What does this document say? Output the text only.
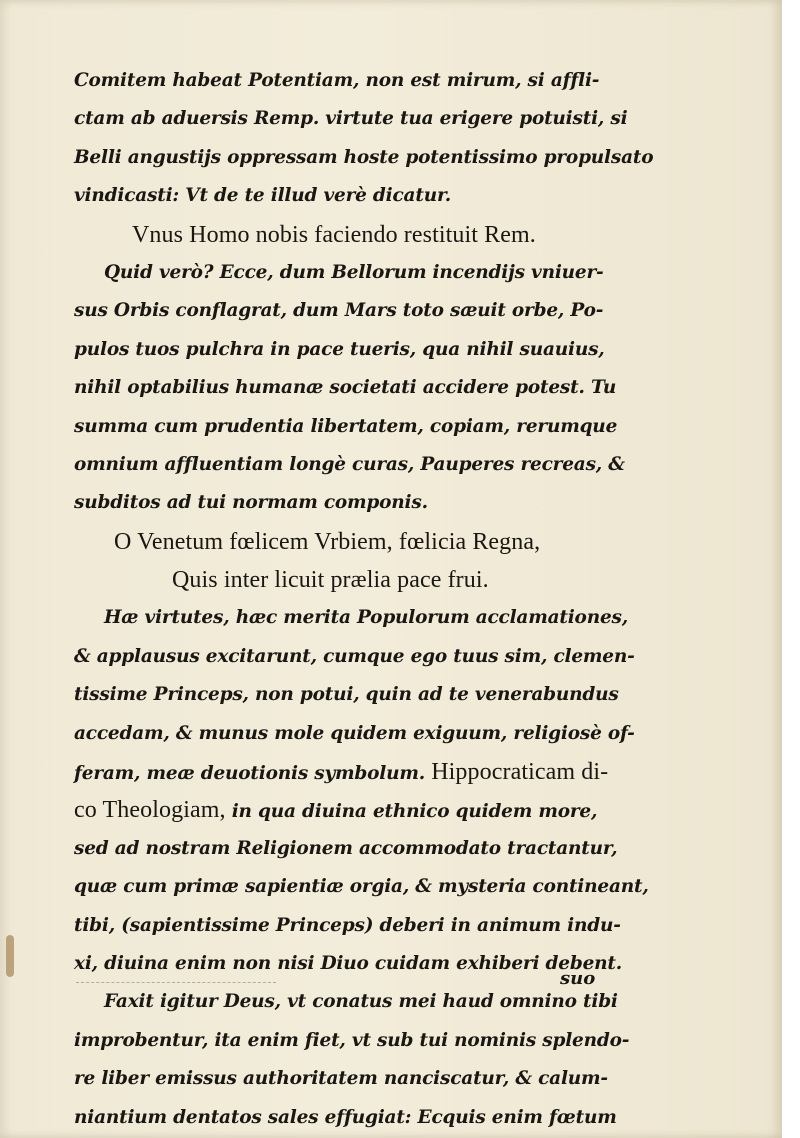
Comitem habeat Potentiam, non est mirum, si affli-
ctam ab aduersis Remp. virtute tua erigere potuisti, si
Belli angustijs oppressam hoste potentissimo propulsato
vindicasti: Vt de te illud verè dicatur.
Vnus Homo nobis faciendo restituit Rem.
Quid verò? Ecce, dum Bellorum incendijs vniuer-
sus Orbis conflagrat, dum Mars toto sæuit orbe, Po-
pulos tuos pulchra in pace tueris, qua nihil suauius,
nihil optabilius humanæ societati accidere potest. Tu
summa cum prudentia libertatem, copiam, rerumque
omnium affluentiam longè curas, Pauperes recreas, &
subditos ad tui normam componis.
O Venetum fœlicem Vrbiem, fœlicia Regna,
Quis inter licuit prælia pace frui.
Hæ virtutes, hæc merita Populorum acclamationes,
& applausus excitarunt, cumque ego tuus sim, clemen-
tissime Princeps, non potui, quin ad te venerabundus
accedam, & munus mole quidem exiguum, religiosè of-
feram, meæ deuotionis symbolum. Hippocraticam di-
co Theologiam, in qua diuina ethnico quidem more,
sed ad nostram Religionem accommodato tractantur,
quæ cum primæ sapientiæ orgia, & mysteria contineant,
tibi, (sapientissime Princeps) deberi in animum indu-
xi, diuina enim non nisi Diuo cuidam exhiberi debent.
Faxit igitur Deus, vt conatus mei haud omnino tibi
improbentur, ita enim fiet, vt sub tui nominis splendo-
re liber emissus authoritatem nanciscatur, & calum-
niantium dentatos sales effugiat: Ecquis enim fœtum
suo
